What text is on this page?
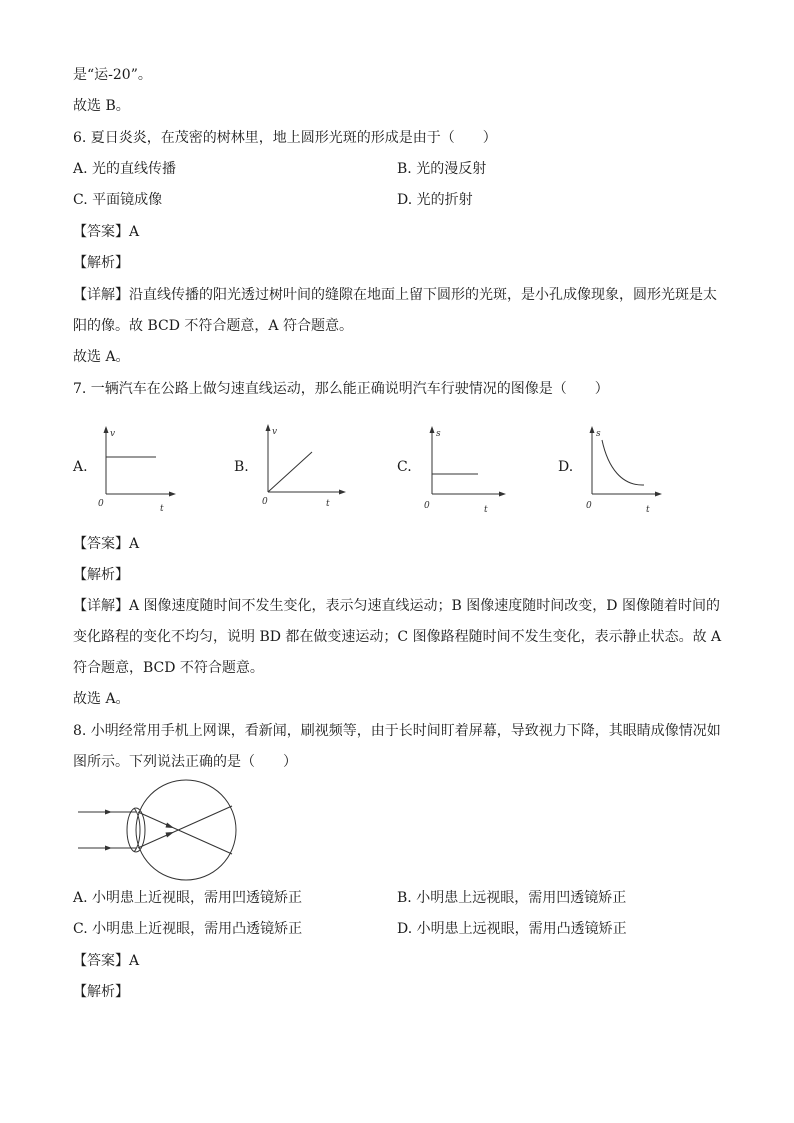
是“运-20”。
故选 B。
6. 夏日炎炎，在茂密的树林里，地上圆形光斑的形成是由于（　　）
A. 光的直线传播	B. 光的漫反射
C. 平面镜成像	D. 光的折射
【答案】A
【解析】
【详解】沿直线传播的阳光透过树叶间的缝隙在地面上留下圆形的光斑，是小孔成像现象，圆形光斑是太
阳的像。故 BCD 不符合题意，A 符合题意。
故选 A。
7. 一辆汽车在公路上做匀速直线运动，那么能正确说明汽车行驶情况的图像是（　　）
A.	B.	C.	D.
v
t
0
v
t
0
s
t
0
s
t
0
【答案】A
【解析】
【详解】A 图像速度随时间不发生变化，表示匀速直线运动；B 图像速度随时间改变，D 图像随着时间的
变化路程的变化不均匀，说明 BD 都在做变速运动；C 图像路程随时间不发生变化，表示静止状态。故 A
符合题意，BCD 不符合题意。
故选 A。
8. 小明经常用手机上网课，看新闻，刷视频等，由于长时间盯着屏幕，导致视力下降，其眼睛成像情况如
图所示。下列说法正确的是（　　）
A. 小明患上近视眼，需用凹透镜矫正	B. 小明患上远视眼，需用凹透镜矫正
C. 小明患上近视眼，需用凸透镜矫正	D. 小明患上远视眼，需用凸透镜矫正
【答案】A
【解析】
